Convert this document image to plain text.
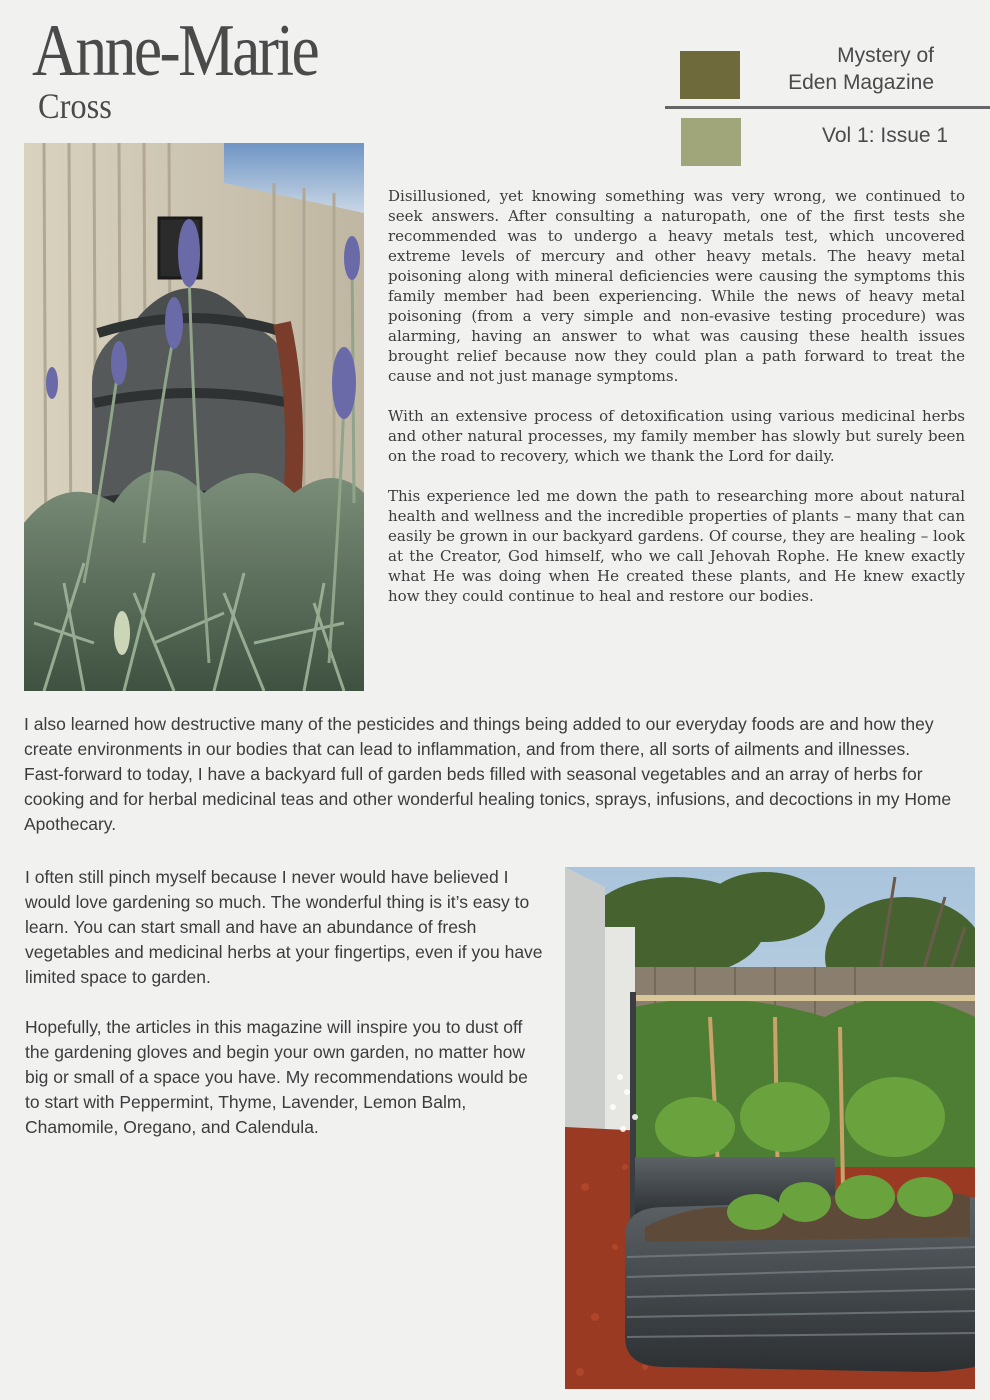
Anne-Marie
Cross
Mystery of
Eden Magazine
Vol 1: Issue 1

Disillusioned, yet knowing something was very wrong, we continued to seek answers. After consulting a naturopath, one of the first tests she recommended was to undergo a heavy metals test, which uncovered extreme levels of mercury and other heavy metals. The heavy metal poisoning along with mineral deficiencies were causing the symptoms this family member had been experiencing. While the news of heavy metal poisoning (from a very simple and non-evasive testing procedure) was alarming, having an answer to what was causing these health issues brought relief because now they could plan a path forward to treat the cause and not just manage symptoms.

With an extensive process of detoxification using various medicinal herbs and other natural processes, my family member has slowly but surely been on the road to recovery, which we thank the Lord for daily.

This experience led me down the path to researching more about natural health and wellness and the incredible properties of plants – many that can easily be grown in our backyard gardens. Of course, they are healing – look at the Creator, God himself, who we call Jehovah Rophe. He knew exactly what He was doing when He created these plants, and He knew exactly how they could continue to heal and restore our bodies.

I also learned how destructive many of the pesticides and things being added to our everyday foods are and how they create environments in our bodies that can lead to inflammation, and from there, all sorts of ailments and illnesses.

Fast-forward to today, I have a backyard full of garden beds filled with seasonal vegetables and an array of herbs for cooking and for herbal medicinal teas and other wonderful healing tonics, sprays, infusions, and decoctions in my Home Apothecary.

I often still pinch myself because I never would have believed I would love gardening so much. The wonderful thing is it’s easy to learn. You can start small and have an abundance of fresh vegetables and medicinal herbs at your fingertips, even if you have limited space to garden.

Hopefully, the articles in this magazine will inspire you to dust off the gardening gloves and begin your own garden, no matter how big or small of a space you have. My recommendations would be to start with Peppermint, Thyme, Lavender, Lemon Balm, Chamomile, Oregano, and Calendula.
